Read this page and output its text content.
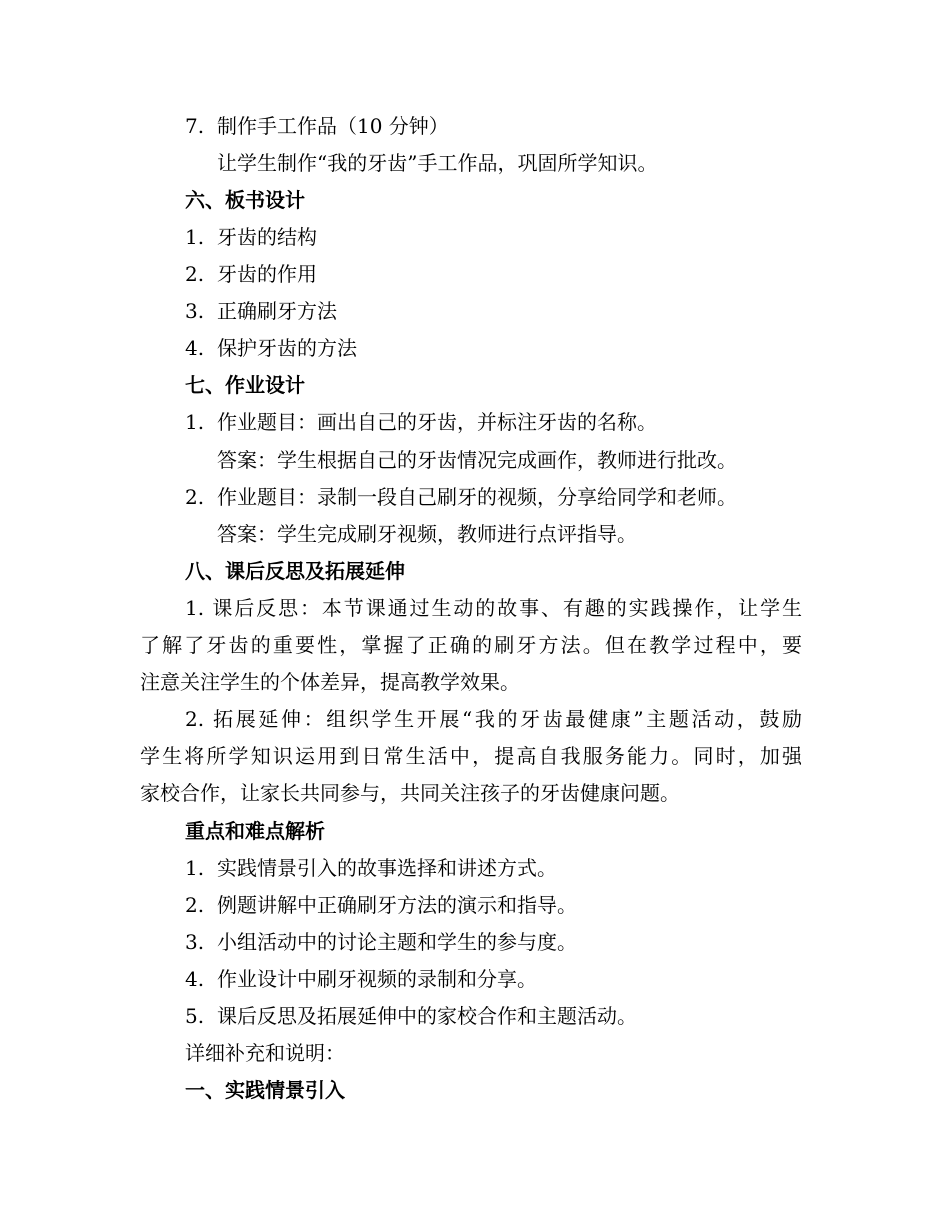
7. 制作手工作品（10 分钟）
让学生制作“我的牙齿”手工作品，巩固所学知识。
六、板书设计
1. 牙齿的结构
2. 牙齿的作用
3. 正确刷牙方法
4. 保护牙齿的方法
七、作业设计
1. 作业题目：画出自己的牙齿，并标注牙齿的名称。
答案：学生根据自己的牙齿情况完成画作，教师进行批改。
2. 作业题目：录制一段自己刷牙的视频，分享给同学和老师。
答案：学生完成刷牙视频，教师进行点评指导。
八、课后反思及拓展延伸
1. 课后反思：本节课通过生动的故事、有趣的实践操作，让学生
了解了牙齿的重要性，掌握了正确的刷牙方法。但在教学过程中，要
注意关注学生的个体差异，提高教学效果。
2. 拓展延伸：组织学生开展“我的牙齿最健康”主题活动，鼓励
学生将所学知识运用到日常生活中，提高自我服务能力。同时，加强
家校合作，让家长共同参与，共同关注孩子的牙齿健康问题。
重点和难点解析
1. 实践情景引入的故事选择和讲述方式。
2. 例题讲解中正确刷牙方法的演示和指导。
3. 小组活动中的讨论主题和学生的参与度。
4. 作业设计中刷牙视频的录制和分享。
5. 课后反思及拓展延伸中的家校合作和主题活动。
详细补充和说明：
一、实践情景引入
